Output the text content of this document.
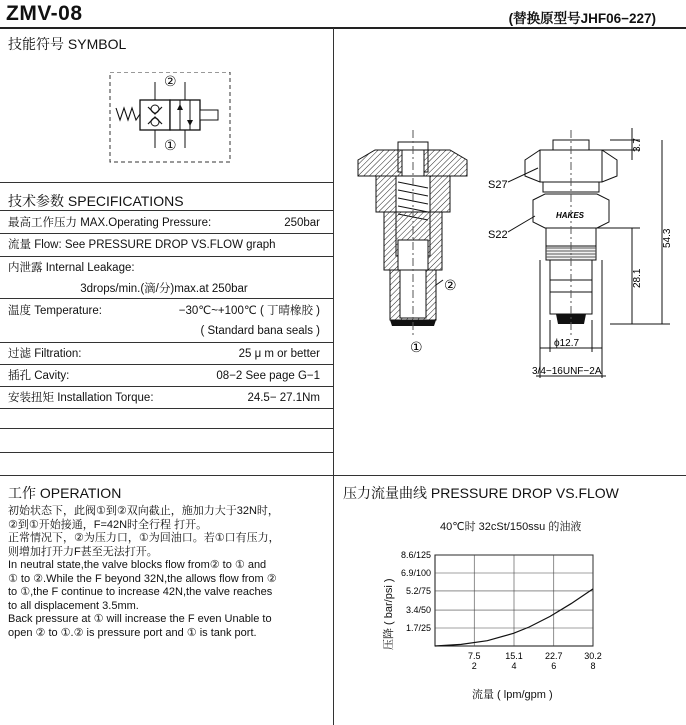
ZMV-08	(替换原型号JHF06−227)
技能符号 SYMBOL
②
①
技术参数 SPECIFICATIONS
最高工作压力 MAX.Operating Pressure:	250bar
流量 Flow: See PRESSURE DROP VS.FLOW graph
内泄露 Internal Leakage:
3drops/min.(滴/分)max.at 250bar
温度 Temperature:	−30℃~+100℃ ( 丁晴橡胶 )
( Standard bana seals )
过滤 Filtration:	25 μ m or better
插孔 Cavity:	08−2 See page G−1
安装扭矩 Installation Torque:	24.5− 27.1Nm
②
①
HAKES
S27
S22
3.7
54.3
28.1
ϕ12.7
3/4−16UNF−2A
工作 OPERATION
初始状态下，此阀①到②双向截止，施加力大于32N时，
②到①开始接通，F=42N时全行程 打开。
正常情况下，②为压力口，①为回油口。若①口有压力，
则增加打开力F甚至无法打开。
In neutral state,the valve blocks flow from② to ① and
① to ②.While the F beyond 32N,the allows flow from ②
to ①,the F continue to increase 42N,the valve reaches
to all displacement 3.5mm.
Back pressure at ① will increase the F even Unable to
open ② to ①.② is pressure port and ① is tank port.
压力流量曲线 PRESSURE DROP VS.FLOW
40℃时 32cSt/150ssu 的油液
1.7/25
3.4/50
5.2/75
6.9/100
8.6/125
7.5
2
15.1
4
22.7
6
30.2
8
压降 ( bar/psi )
流量 ( lpm/gpm )
